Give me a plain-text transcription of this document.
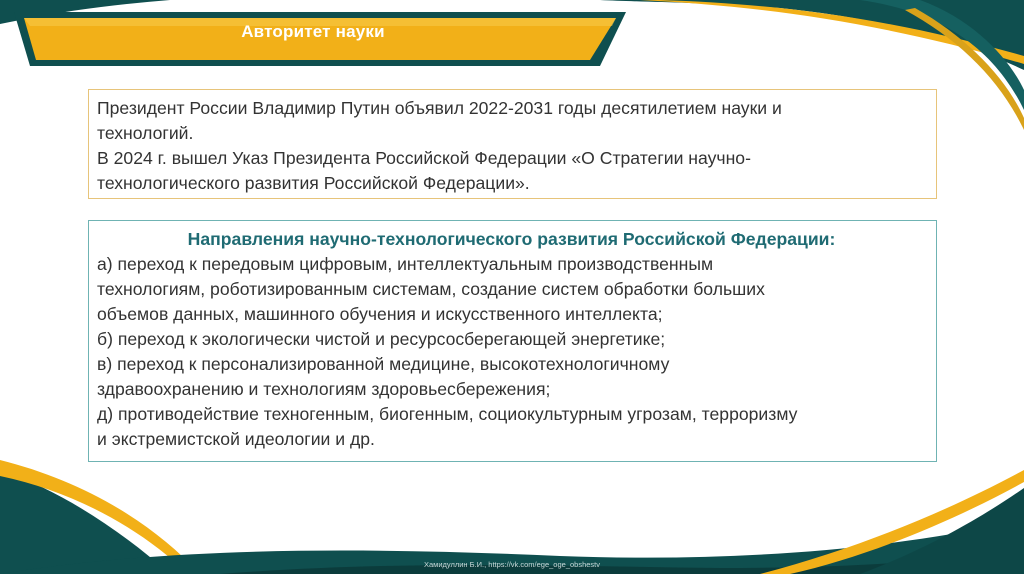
Авторитет науки

Президент России Владимир Путин объявил 2022-2031 годы десятилетием науки и

технологий.

В 2024 г. вышел Указ Президента Российской Федерации «О Стратегии научно-

технологического развития Российской Федерации».

Направления научно-технологического развития Российской Федерации:

а) переход к передовым цифровым, интеллектуальным производственным

технологиям, роботизированным системам, создание систем обработки больших

объемов данных, машинного обучения и искусственного интеллекта;

б) переход к экологически чистой и ресурсосберегающей энергетике;

в) переход к персонализированной медицине, высокотехнологичному

здравоохранению и технологиям здоровьесбережения;

д) противодействие техногенным, биогенным, социокультурным угрозам, терроризму

и экстремистской идеологии и др.

Хамидуллин Б.И., https://vk.com/ege_oge_obshestv
